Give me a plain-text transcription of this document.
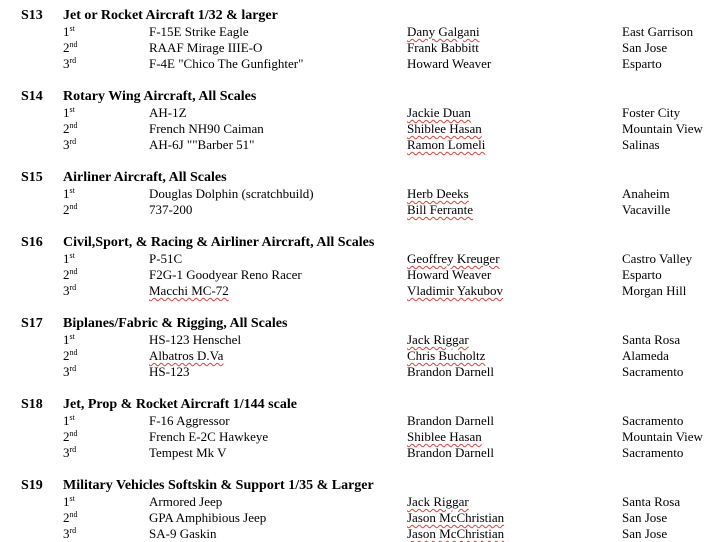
S13 Jet or Rocket Aircraft 1/32 & larger
1st	F-15E Strike Eagle	Dany Galgani	East Garrison
2nd	RAAF Mirage IIIE-O	Frank Babbitt	San Jose
3rd	F-4E "Chico The Gunfighter"	Howard Weaver	Esparto
S14 Rotary Wing Aircraft, All Scales
1st	AH-1Z	Jackie Duan	Foster City
2nd	French NH90 Caiman	Shiblee Hasan	Mountain View
3rd	AH-6J ""Barber 51"	Ramon Lomeli	Salinas
S15 Airliner Aircraft, All Scales
1st	Douglas Dolphin (scratchbuild)	Herb Deeks	Anaheim
2nd	737-200	Bill Ferrante	Vacaville
S16 Civil,Sport, & Racing & Airliner Aircraft, All Scales
1st	P-51C	Geoffrey Kreuger	Castro Valley
2nd	F2G-1 Goodyear Reno Racer	Howard Weaver	Esparto
3rd	Macchi MC-72	Vladimir Yakubov	Morgan Hill
S17 Biplanes/Fabric & Rigging, All Scales
1st	HS-123 Henschel	Jack Riggar	Santa Rosa
2nd	Albatros D.Va	Chris Bucholtz	Alameda
3rd	HS-123	Brandon Darnell	Sacramento
S18 Jet, Prop & Rocket Aircraft 1/144 scale
1st	F-16 Aggressor	Brandon Darnell	Sacramento
2nd	French E-2C Hawkeye	Shiblee Hasan	Mountain View
3rd	Tempest Mk V	Brandon Darnell	Sacramento
S19 Military Vehicles Softskin & Support 1/35 & Larger
1st	Armored Jeep	Jack Riggar	Santa Rosa
2nd	GPA Amphibious Jeep	Jason McChristian	San Jose
3rd	SA-9 Gaskin	Jason McChristian	San Jose
